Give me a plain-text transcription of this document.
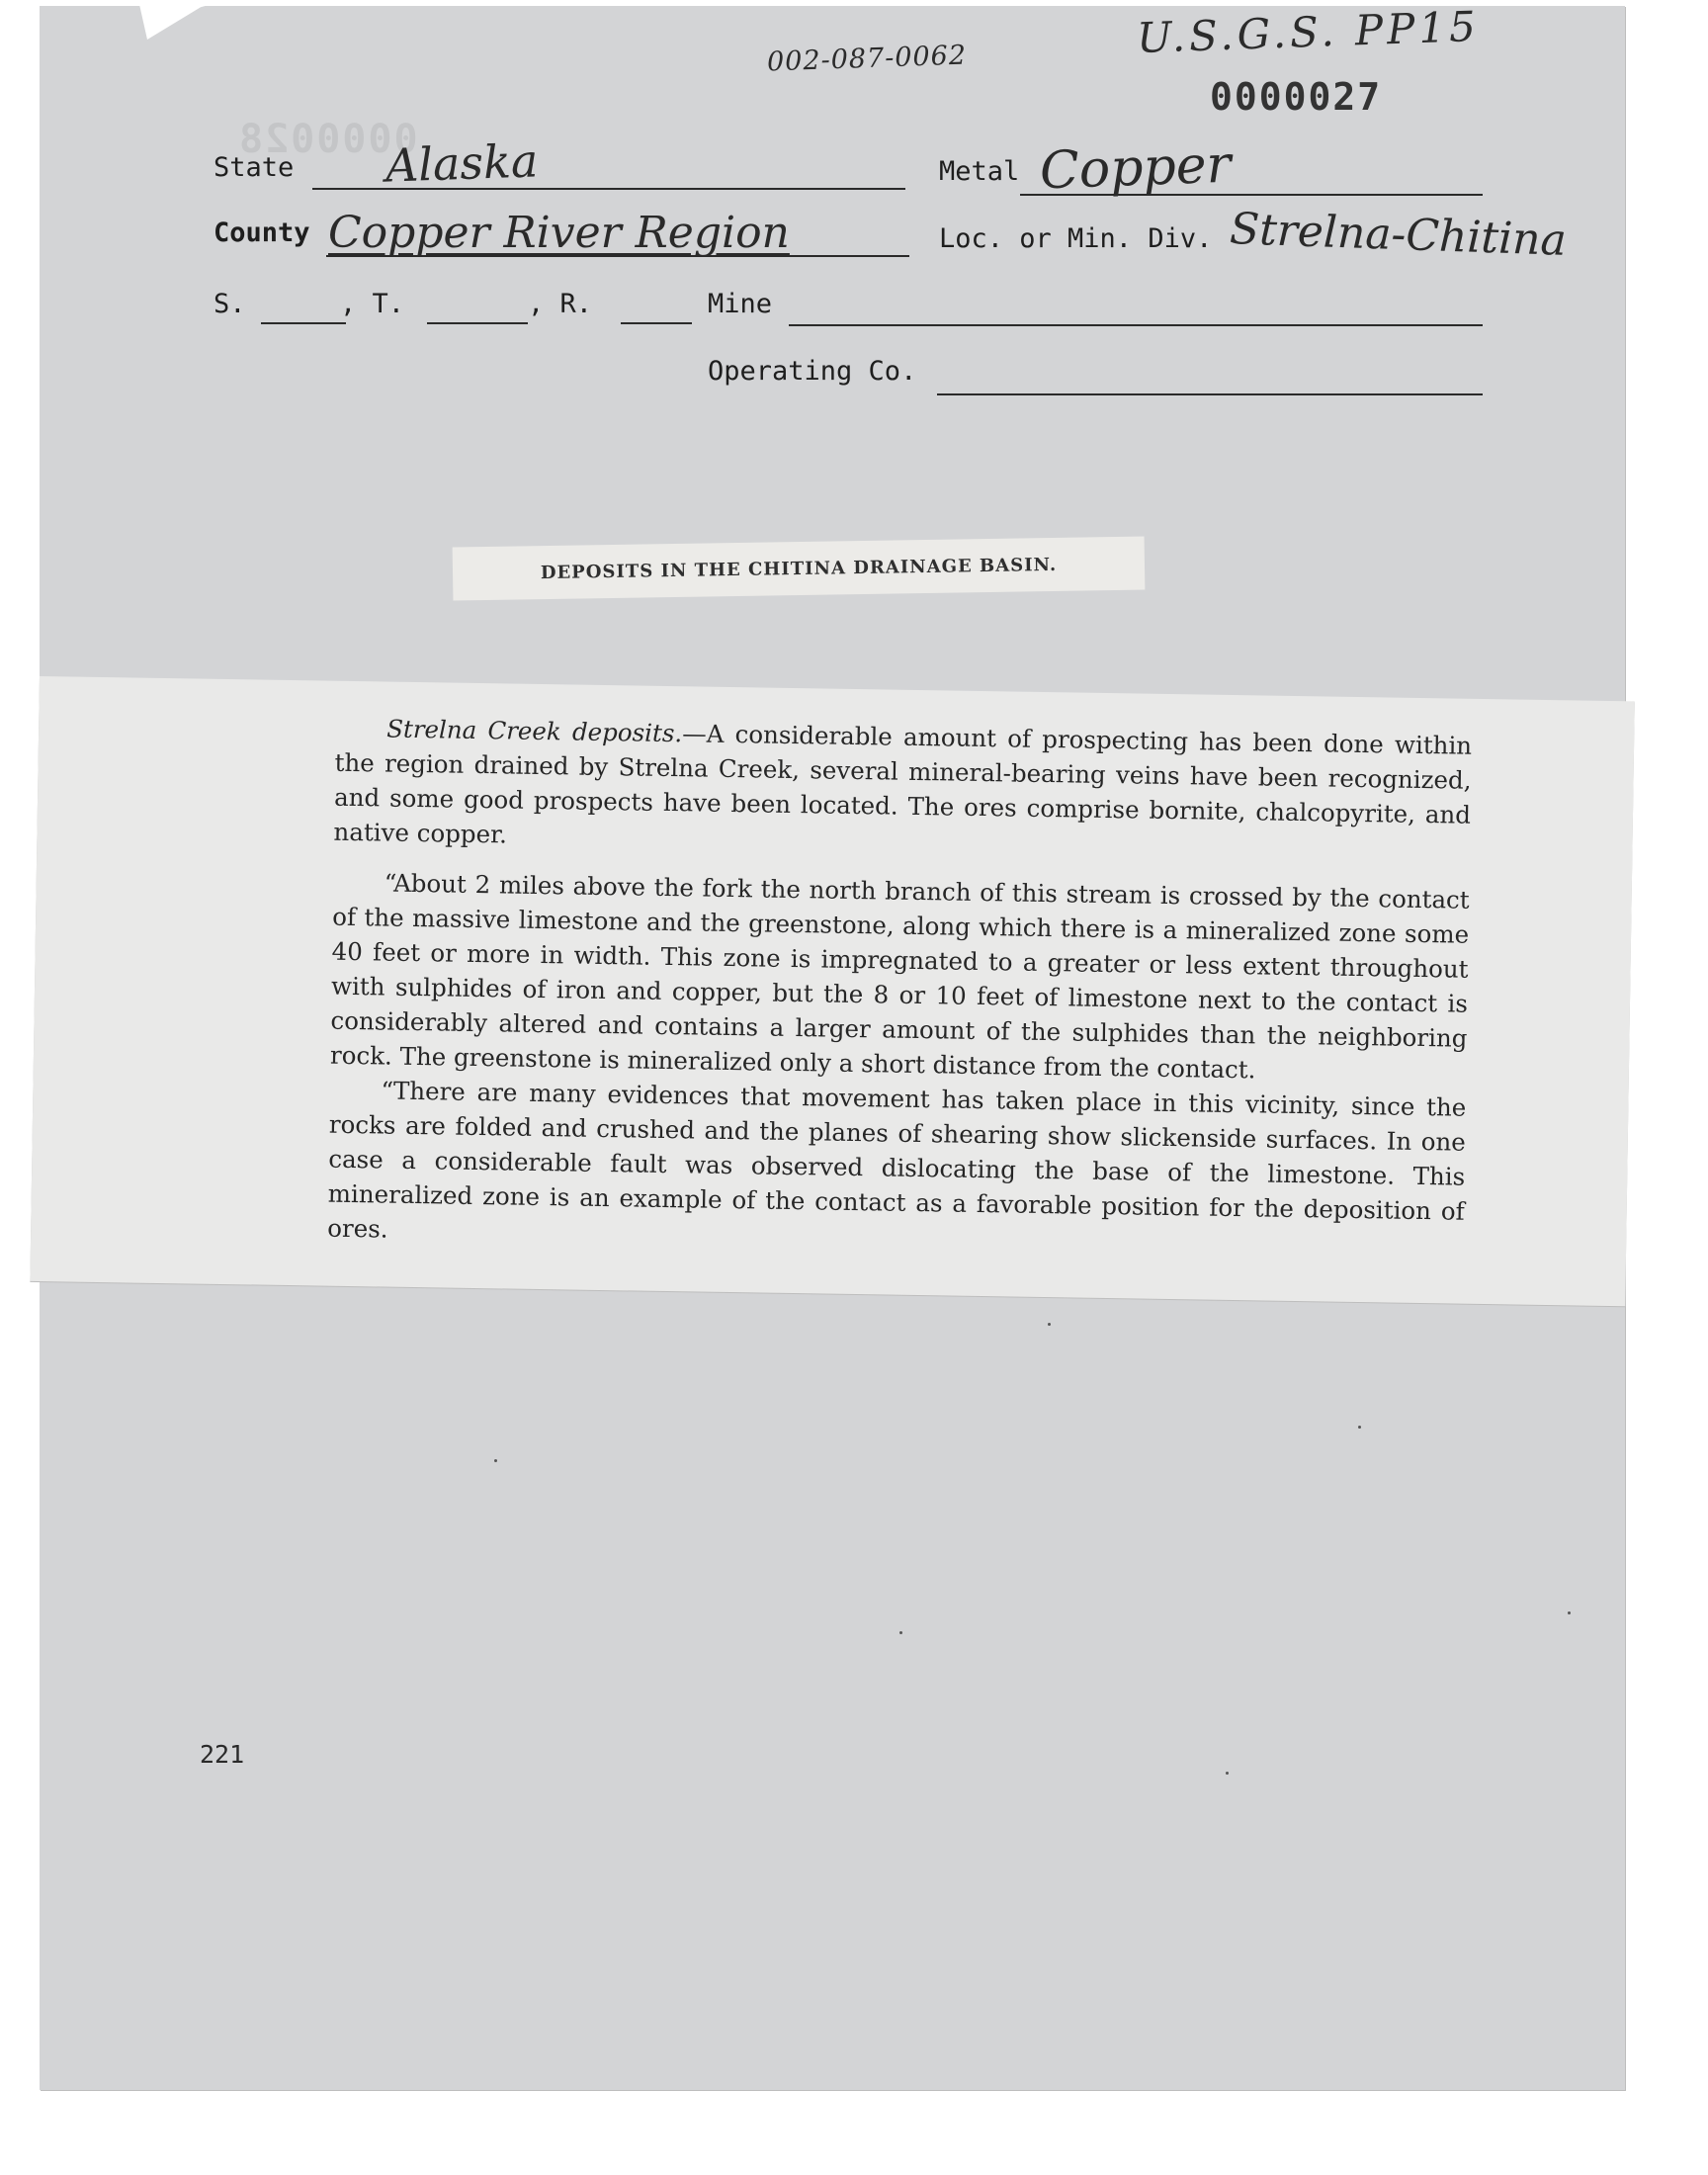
U.S.G.S. PP15
002-087-0062
0000028
0000027
State Alaska	Metal Copper
County Copper River Region	Loc. or Min. Div. Strelna-Chitina
S.	, T.	, R.	Mine
Operating Co.
DEPOSITS IN THE CHITINA DRAINAGE BASIN.

Strelna Creek deposits.—A considerable amount of prospecting has been done within the region drained by Strelna Creek, several mineral-bearing veins have been recognized, and some good prospects have been located. The ores comprise bornite, chalcopyrite, and native copper.

“About 2 miles above the fork the north branch of this stream is crossed by the contact of the massive limestone and the greenstone, along which there is a mineralized zone some 40 feet or more in width. This zone is impregnated to a greater or less extent throughout with sulphides of iron and copper, but the 8 or 10 feet of limestone next to the contact is considerably altered and contains a larger amount of the sulphides than the neighboring rock. The greenstone is mineralized only a short distance from the contact.

“There are many evidences that movement has taken place in this vicinity, since the rocks are folded and crushed and the planes of shearing show slickenside surfaces. In one case a considerable fault was observed dislocating the base of the limestone. This mineralized zone is an example of the contact as a favorable position for the deposition of ores.

221
